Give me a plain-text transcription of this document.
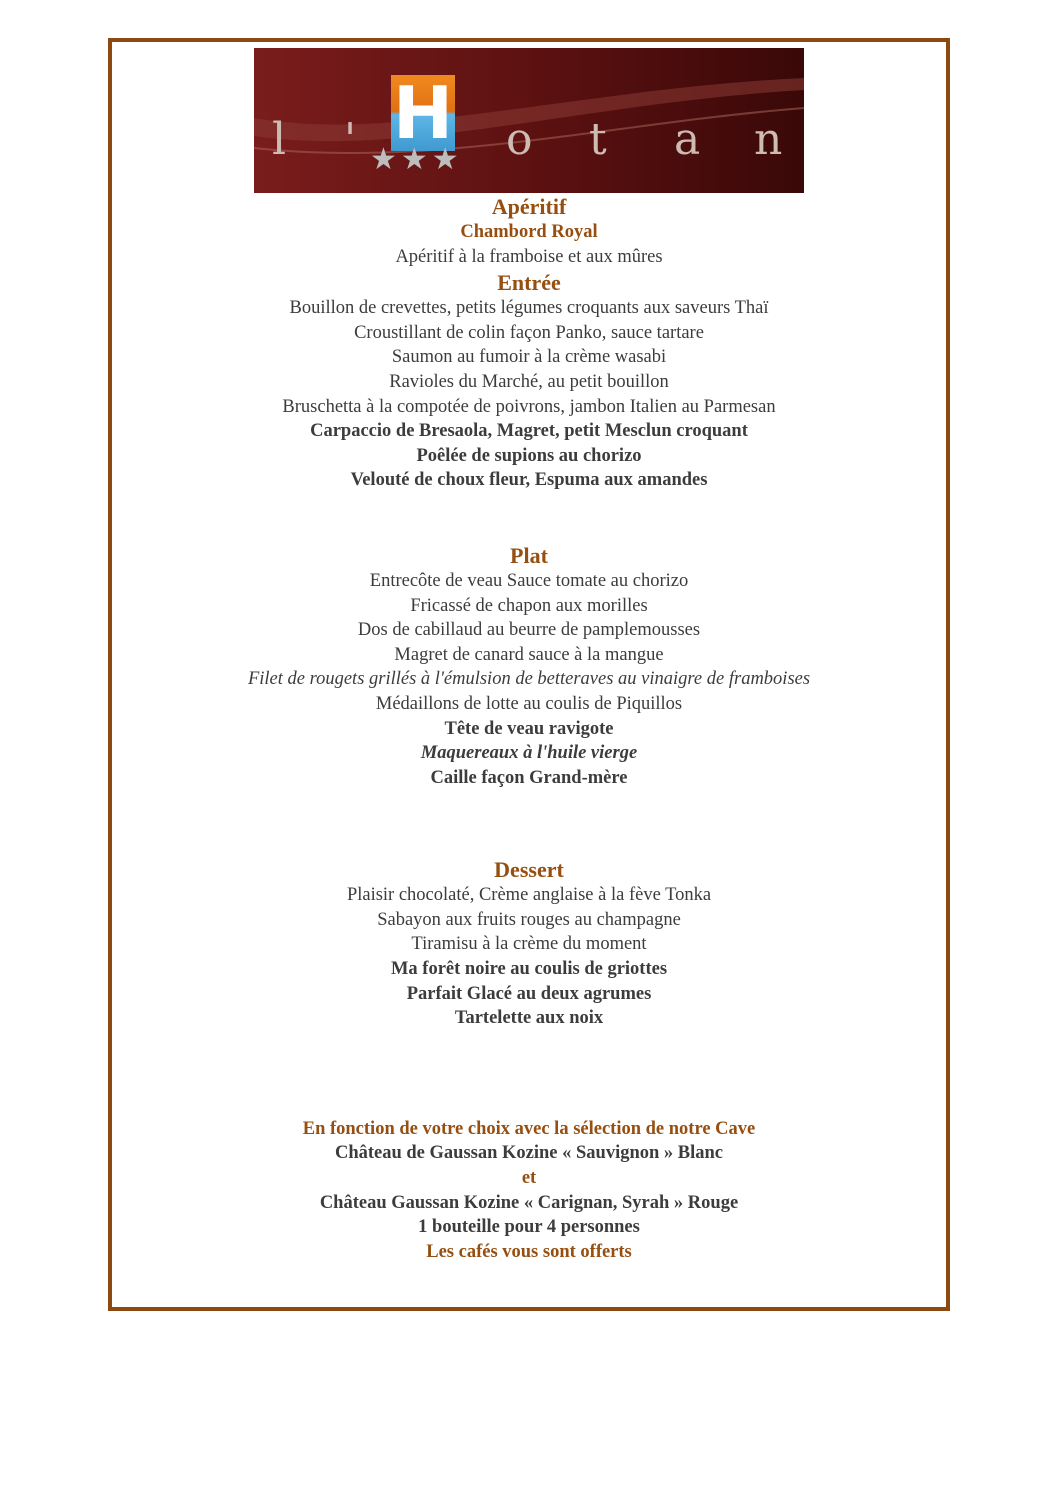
l ' H o t a n
★★★
Apéritif
Chambord Royal
Apéritif à la framboise et aux mûres
Entrée
Bouillon de crevettes, petits légumes croquants aux saveurs Thaï
Croustillant de colin façon Panko, sauce tartare
Saumon au fumoir à la crème wasabi
Ravioles du Marché, au petit bouillon
Bruschetta à la compotée de poivrons, jambon Italien au Parmesan
Carpaccio de Bresaola, Magret, petit Mesclun croquant
Poêlée de supions au chorizo
Velouté de choux fleur, Espuma aux amandes
Plat
Entrecôte de veau Sauce tomate au chorizo
Fricassé de chapon aux morilles
Dos de cabillaud au beurre de pamplemousses
Magret de canard sauce à la mangue
Filet de rougets grillés à l'émulsion de betteraves au vinaigre de framboises
Médaillons de lotte au coulis de Piquillos
Tête de veau ravigote
Maquereaux à l'huile vierge
Caille façon Grand-mère
Dessert
Plaisir chocolaté, Crème anglaise à la fève Tonka
Sabayon aux fruits rouges au champagne
Tiramisu à la crème du moment
Ma forêt noire au coulis de griottes
Parfait Glacé au deux agrumes
Tartelette aux noix
En fonction de votre choix avec la sélection de notre Cave
Château de Gaussan Kozine « Sauvignon » Blanc
et
Château Gaussan Kozine « Carignan, Syrah » Rouge
1 bouteille pour 4 personnes
Les cafés vous sont offerts
